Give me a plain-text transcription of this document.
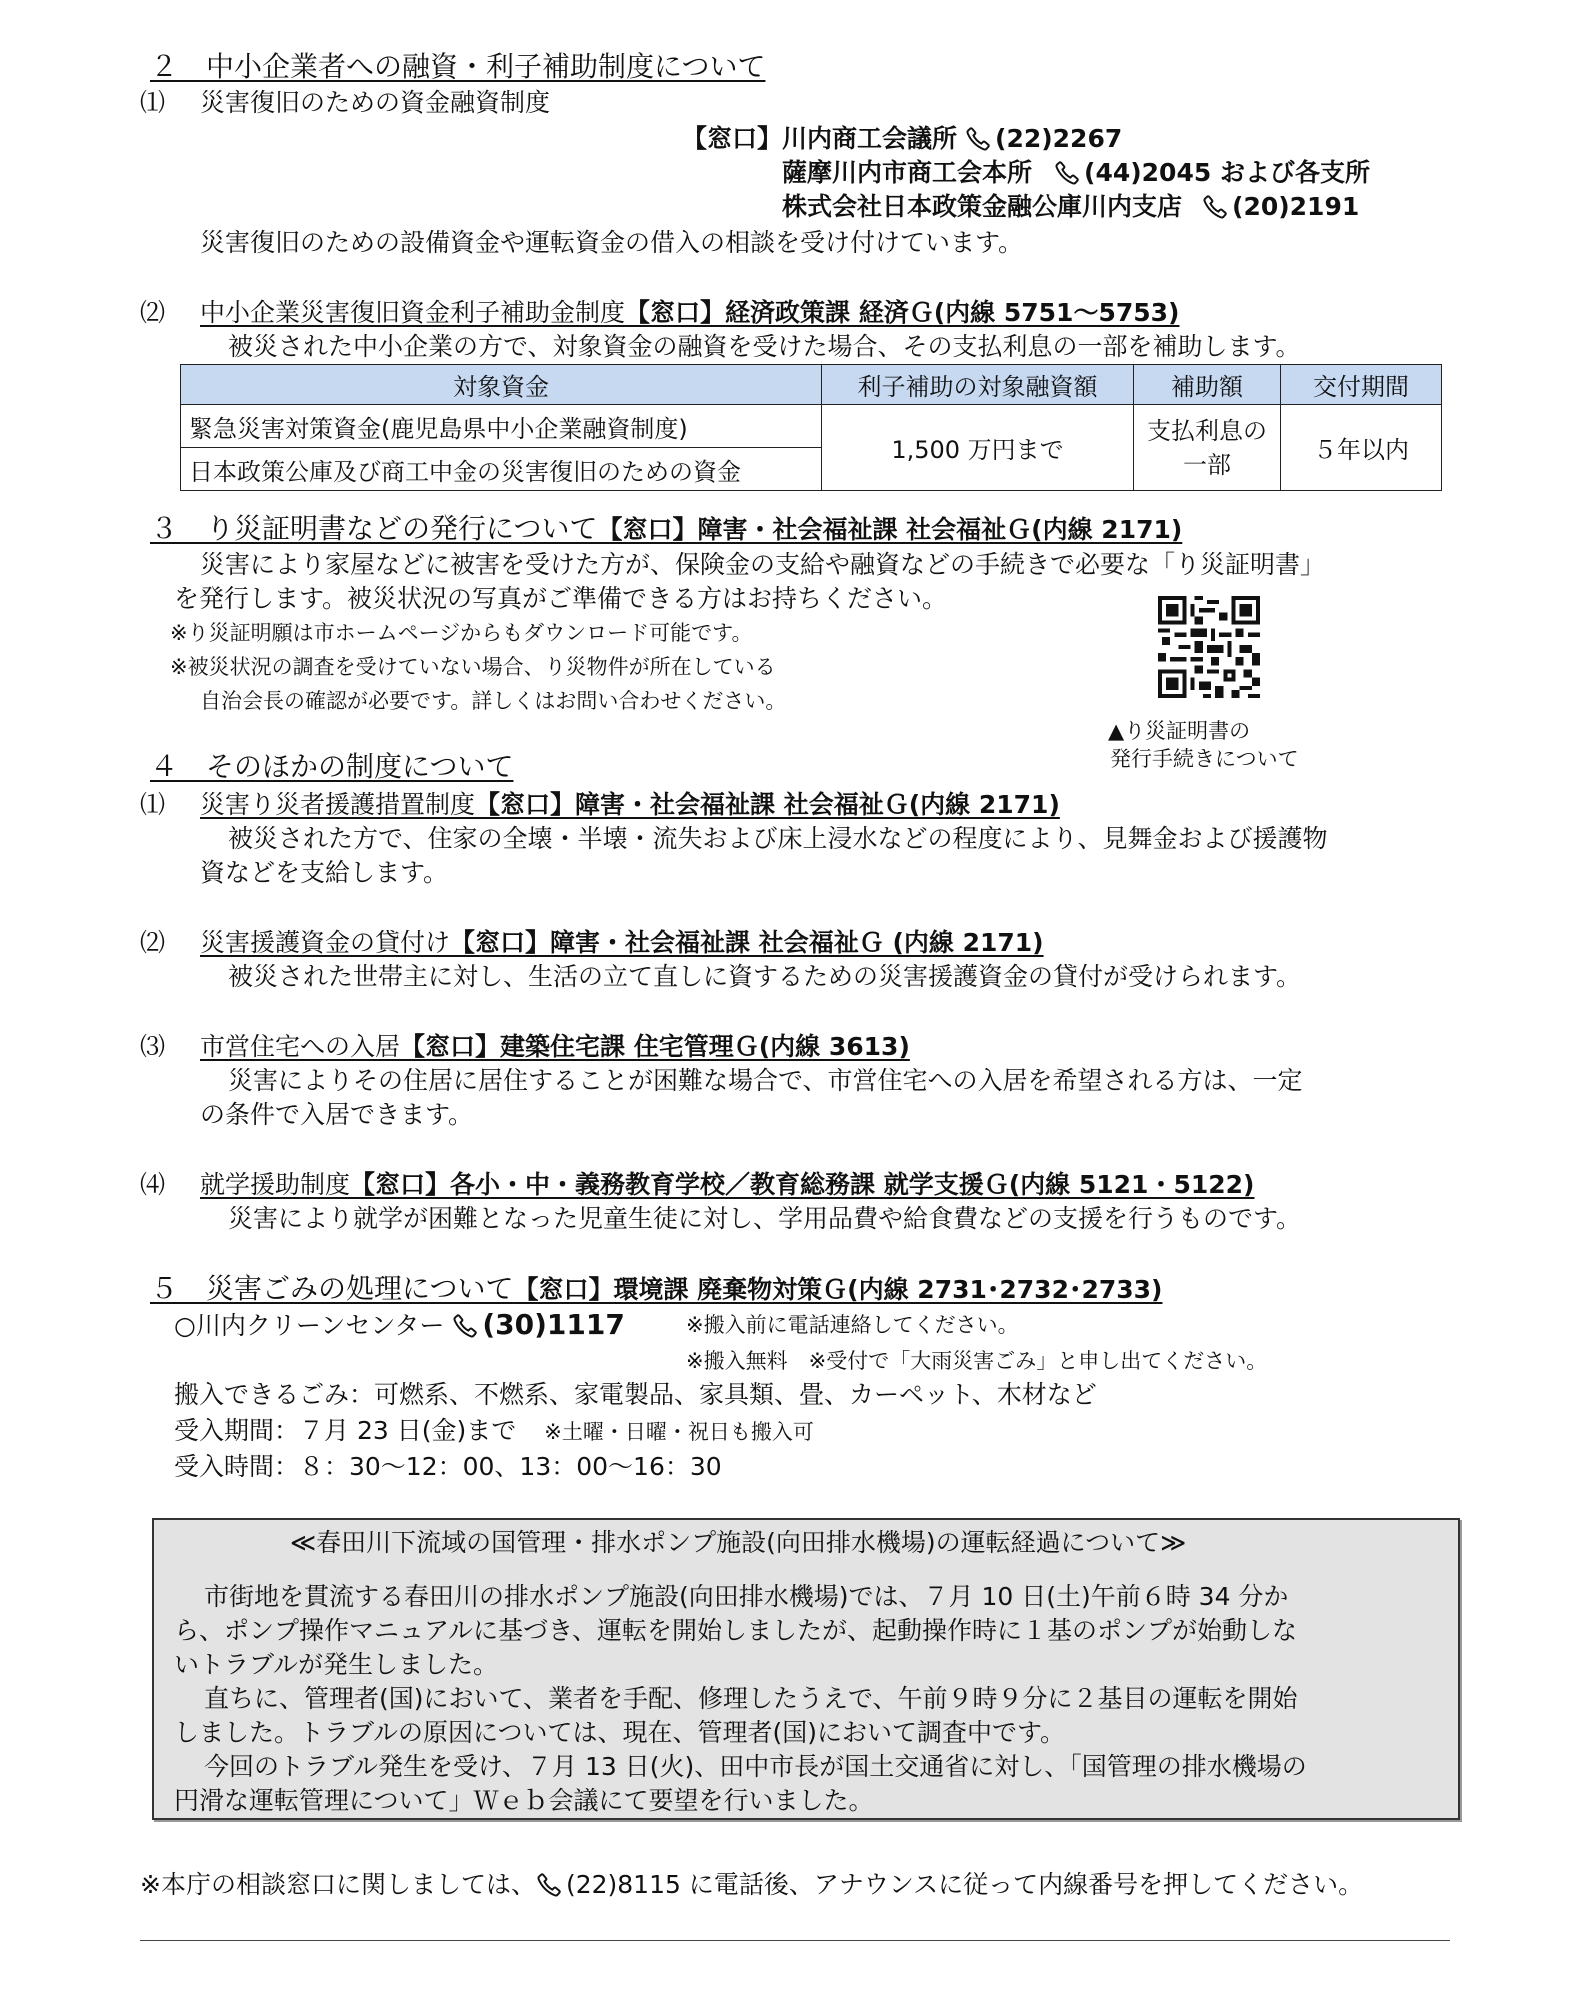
２　中小企業者への融資・利子補助制度について
⑴ 災害復旧のための資金融資制度
【窓口】川内商工会議所 (22)2267
薩摩川内市商工会本所 (44)2045 および各支所
株式会社日本政策金融公庫川内支店 (20)2191
災害復旧のための設備資金や運転資金の借入の相談を受け付けています。
⑵ 中小企業災害復旧資金利子補助金制度【窓口】経済政策課 経済Ｇ(内線 5751〜5753)
被災された中小企業の方で、対象資金の融資を受けた場合、その支払利息の一部を補助します。
対象資金	利子補助の対象融資額	補助額	交付期間
緊急災害対策資金(鹿児島県中小企業融資制度)	1,500 万円まで	支払利息の一部	５年以内
日本政策公庫及び商工中金の災害復旧のための資金			
３　り災証明書などの発行について【窓口】障害・社会福祉課 社会福祉Ｇ(内線 2171)
災害により家屋などに被害を受けた方が、保険金の支給や融資などの手続きで必要な「り災証明書」
を発行します。被災状況の写真がご準備できる方はお持ちください。
※り災証明願は市ホームページからもダウンロード可能です。
※被災状況の調査を受けていない場合、り災物件が所在している
自治会長の確認が必要です。詳しくはお問い合わせください。
▲り災証明書の
発行手続きについて
４　そのほかの制度について
⑴ 災害り災者援護措置制度【窓口】障害・社会福祉課 社会福祉Ｇ(内線 2171)
被災された方で、住家の全壊・半壊・流失および床上浸水などの程度により、見舞金および援護物
資などを支給します。
⑵ 災害援護資金の貸付け【窓口】障害・社会福祉課 社会福祉Ｇ (内線 2171)
被災された世帯主に対し、生活の立て直しに資するための災害援護資金の貸付が受けられます。
⑶ 市営住宅への入居【窓口】建築住宅課 住宅管理Ｇ(内線 3613)
災害によりその住居に居住することが困難な場合で、市営住宅への入居を希望される方は、一定
の条件で入居できます。
⑷ 就学援助制度【窓口】各小・中・義務教育学校／教育総務課 就学支援Ｇ(内線 5121・5122)
災害により就学が困難となった児童生徒に対し、学用品費や給食費などの支援を行うものです。
５　災害ごみの処理について【窓口】環境課 廃棄物対策Ｇ(内線 2731･2732･2733)
○川内クリーンセンター (30)1117	※搬入前に電話連絡してください。
※搬入無料　※受付で「大雨災害ごみ」と申し出てください。
搬入できるごみ：可燃系、不燃系、家電製品、家具類、畳、カーペット、木材など
受入期間：７月 23 日(金)まで ※土曜・日曜・祝日も搬入可
受入時間：８：30〜12：00、13：00〜16：30
≪春田川下流域の国管理・排水ポンプ施設(向田排水機場)の運転経過について≫
市街地を貫流する春田川の排水ポンプ施設(向田排水機場)では、７月 10 日(土)午前６時 34 分か
ら、ポンプ操作マニュアルに基づき、運転を開始しましたが、起動操作時に１基のポンプが始動しな
いトラブルが発生しました。
直ちに、管理者(国)において、業者を手配、修理したうえで、午前９時９分に２基目の運転を開始
しました。トラブルの原因については、現在、管理者(国)において調査中です。
今回のトラブル発生を受け、７月 13 日(火)、田中市長が国土交通省に対し、「国管理の排水機場の
円滑な運転管理について」Ｗｅｂ会議にて要望を行いました。
※本庁の相談窓口に関しましては、 (22)8115 に電話後、アナウンスに従って内線番号を押してください。
